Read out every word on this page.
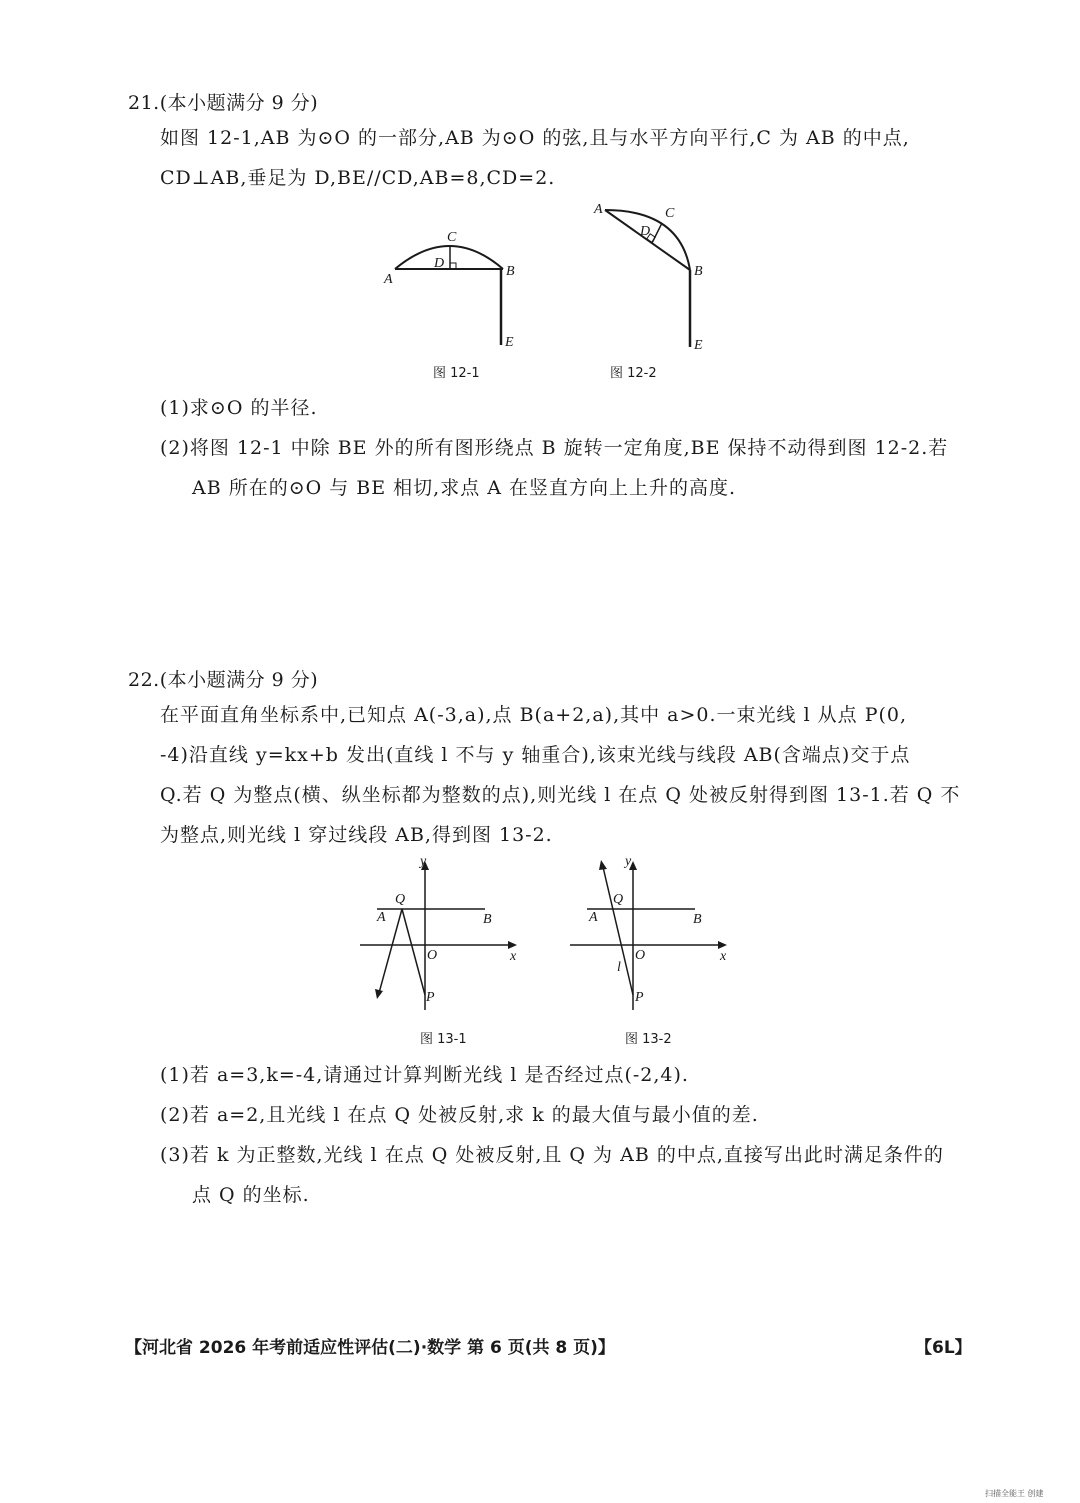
21.(本小题满分 9 分)
如图 12-1,AB 为⊙O 的一部分,AB 为⊙O 的弦,且与水平方向平行,C 为 AB 的中点,
CD⊥AB,垂足为 D,BE//CD,AB=8,CD=2.
C
D
A
B
E
图 12-1
A	C
D
B
E
图 12-2
(1)求⊙O 的半径.
(2)将图 12-1 中除 BE 外的所有图形绕点 B 旋转一定角度,BE 保持不动得到图 12-2.若
AB 所在的⊙O 与 BE 相切,求点 A 在竖直方向上上升的高度.
22.(本小题满分 9 分)
在平面直角坐标系中,已知点 A(-3,a),点 B(a+2,a),其中 a>0.一束光线 l 从点 P(0,
-4)沿直线 y=kx+b 发出(直线 l 不与 y 轴重合),该束光线与线段 AB(含端点)交于点
Q.若 Q 为整点(横、纵坐标都为整数的点),则光线 l 在点 Q 处被反射得到图 13-1.若 Q 不
为整点,则光线 l 穿过线段 AB,得到图 13-2.
y
x
Q
A	B
O
P
图 13-1
y
x
Q
A	B
O
l
P
图 13-2
(1)若 a=3,k=-4,请通过计算判断光线 l 是否经过点(-2,4).
(2)若 a=2,且光线 l 在点 Q 处被反射,求 k 的最大值与最小值的差.
(3)若 k 为正整数,光线 l 在点 Q 处被反射,且 Q 为 AB 的中点,直接写出此时满足条件的
点 Q 的坐标.
【河北省 2026 年考前适应性评估(二)·数学 第 6 页(共 8 页)】	【6L】
扫描全能王 创建
